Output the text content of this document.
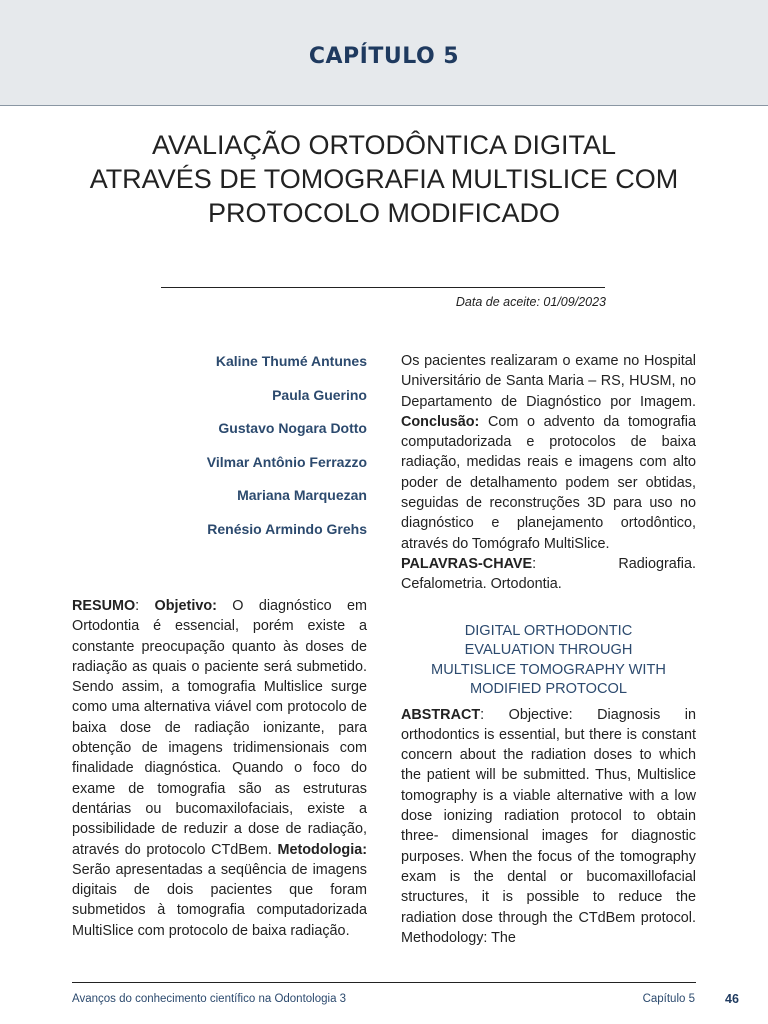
CAPÍTULO 5
AVALIAÇÃO ORTODÔNTICA DIGITAL
ATRAVÉS DE TOMOGRAFIA MULTISLICE COM
PROTOCOLO MODIFICADO
Data de aceite: 01/09/2023
Kaline Thumé Antunes
Paula Guerino
Gustavo Nogara Dotto
Vilmar Antônio Ferrazzo
Mariana Marquezan
Renésio Armindo Grehs

RESUMO: Objetivo: O diagnóstico em Ortodontia é essencial, porém existe a constante preocupação quanto às doses de radiação as quais o paciente será submetido. Sendo assim, a tomografia Multislice surge como uma alternativa viável com protocolo de baixa dose de radiação ionizante, para obtenção de imagens tridimensionais com finalidade diagnóstica. Quando o foco do exame de tomografia são as estruturas dentárias ou bucomaxilofaciais, existe a possibilidade de reduzir a dose de radiação, através do protocolo CTdBem. Metodologia: Serão apresentadas a seqüência de imagens digitais de dois pacientes que foram submetidos à tomografia computadorizada MultiSlice com protocolo de baixa radiação.

Os pacientes realizaram o exame no Hospital Universitário de Santa Maria – RS, HUSM, no Departamento de Diagnóstico por Imagem. Conclusão: Com o advento da tomografia computadorizada e protocolos de baixa radiação, medidas reais e imagens com alto poder de detalhamento podem ser obtidas, seguidas de reconstruções 3D para uso no diagnóstico e planejamento ortodôntico, através do Tomógrafo MultiSlice.

PALAVRAS-CHAVE:	Radiografia.
Cefalometria. Ortodontia.
DIGITAL ORTHODONTIC
EVALUATION THROUGH
MULTISLICE TOMOGRAPHY WITH
MODIFIED PROTOCOL

ABSTRACT: Objective: Diagnosis in orthodontics is essential, but there is constant concern about the radiation doses to which the patient will be submitted. Thus, Multislice tomography is a viable alternative with a low dose ionizing radiation protocol to obtain three- dimensional images for diagnostic purposes. When the focus of the tomography exam is the dental or bucomaxillofacial structures, it is possible to reduce the radiation dose through the CTdBem protocol. Methodology: The

Avanços do conhecimento científico na Odontologia 3	Capítulo 5 46
